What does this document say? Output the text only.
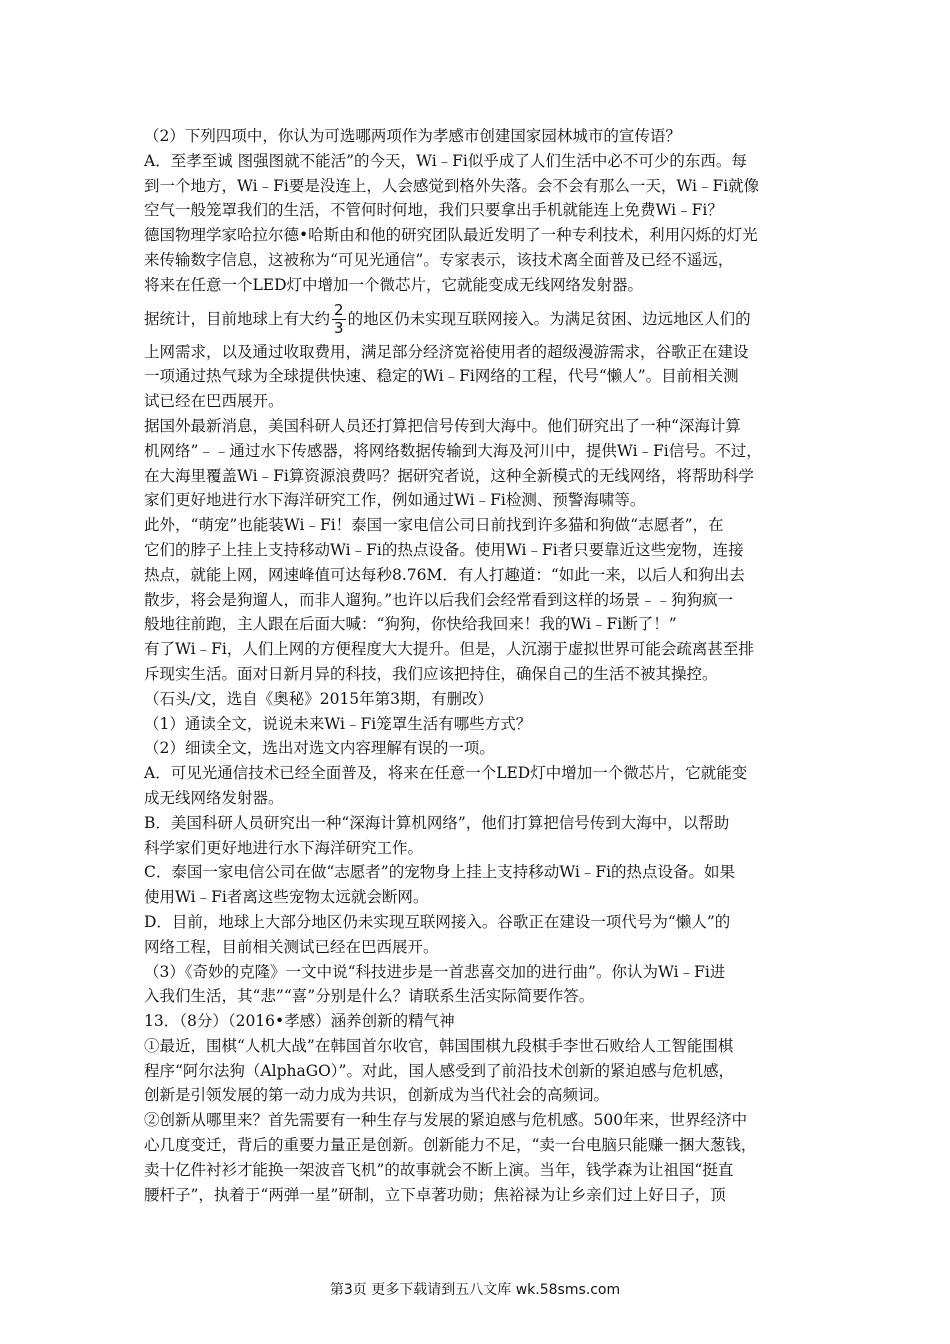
（2）下列四项中，你认为可选哪两项作为孝感市创建国家园林城市的宣传语？

A．至孝至诚 图强图就不能活”的今天，Wi﹣Fi似乎成了人们生活中必不可少的东西。每

到一个地方，Wi﹣Fi要是没连上，人会感觉到格外失落。会不会有那么一天，Wi﹣Fi就像

空气一般笼罩我们的生活，不管何时何地，我们只要拿出手机就能连上免费Wi﹣Fi？

德国物理学家哈拉尔德•哈斯由和他的研究团队最近发明了一种专利技术，利用闪烁的灯光

来传输数字信息，这被称为“可见光通信”。专家表示，该技术离全面普及已经不遥远，

将来在任意一个LED灯中增加一个微芯片，它就能变成无线网络发射器。

据统计，目前地球上有大约 $\frac{2}{3}$ 的地区仍未实现互联网接入。为满足贫困、边远地区人们的

上网需求，以及通过收取费用，满足部分经济宽裕使用者的超级漫游需求，谷歌正在建设

一项通过热气球为全球提供快速、稳定的Wi﹣Fi网络的工程，代号“懒人”。目前相关测

试已经在巴西展开。

据国外最新消息，美国科研人员还打算把信号传到大海中。他们研究出了一种“深海计算

机网络”﹣﹣通过水下传感器，将网络数据传输到大海及河川中，提供Wi﹣Fi信号。不过，

在大海里覆盖Wi﹣Fi算资源浪费吗？据研究者说，这种全新模式的无线网络，将帮助科学

家们更好地进行水下海洋研究工作，例如通过Wi﹣Fi检测、预警海啸等。

此外，“萌宠”也能装Wi﹣Fi！泰国一家电信公司日前找到许多猫和狗做“志愿者”，在

它们的脖子上挂上支持移动Wi﹣Fi的热点设备。使用Wi﹣Fi者只要靠近这些宠物，连接

热点，就能上网，网速峰值可达每秒8.76M．有人打趣道：“如此一来，以后人和狗出去

散步，将会是狗遛人，而非人遛狗。”也许以后我们会经常看到这样的场景﹣﹣狗狗疯一

般地往前跑，主人跟在后面大喊：“狗狗，你快给我回来！我的Wi﹣Fi断了！”

有了Wi﹣Fi，人们上网的方便程度大大提升。但是，人沉溺于虚拟世界可能会疏离甚至排

斥现实生活。面对日新月异的科技，我们应该把持住，确保自己的生活不被其操控。

（石头/文，选自《奥秘》2015年第3期，有删改）

（1）通读全文，说说未来Wi﹣Fi笼罩生活有哪些方式？

（2）细读全文，选出对选文内容理解有误的一项。

A．可见光通信技术已经全面普及，将来在任意一个LED灯中增加一个微芯片，它就能变

成无线网络发射器。

B．美国科研人员研究出一种“深海计算机网络”，他们打算把信号传到大海中，以帮助

科学家们更好地进行水下海洋研究工作。

C．泰国一家电信公司在做“志愿者”的宠物身上挂上支持移动Wi﹣Fi的热点设备。如果

使用Wi﹣Fi者离这些宠物太远就会断网。

D．目前，地球上大部分地区仍未实现互联网接入。谷歌正在建设一项代号为“懒人”的

网络工程，目前相关测试已经在巴西展开。

（3）《奇妙的克隆》一文中说“科技进步是一首悲喜交加的进行曲”。你认为Wi﹣Fi进

入我们生活，其“悲”“喜”分别是什么？请联系生活实际简要作答。

13．（8分）（2016•孝感）涵养创新的精气神

①最近，围棋“人机大战”在韩国首尔收官，韩国围棋九段棋手李世石败给人工智能围棋

程序“阿尔法狗（AlphaGO）”。对此，国人感受到了前沿技术创新的紧迫感与危机感，

创新是引领发展的第一动力成为共识，创新成为当代社会的高频词。

②创新从哪里来？首先需要有一种生存与发展的紧迫感与危机感。500年来，世界经济中

心几度变迁，背后的重要力量正是创新。创新能力不足，“卖一台电脑只能赚一捆大葱钱，

卖十亿件衬衫才能换一架波音飞机”的故事就会不断上演。当年，钱学森为让祖国“挺直

腰杆子”，执着于“两弹一星”研制，立下卓著功勋；焦裕禄为让乡亲们过上好日子，顶

第3页 更多下载请到五八文库 wk.58sms.com
